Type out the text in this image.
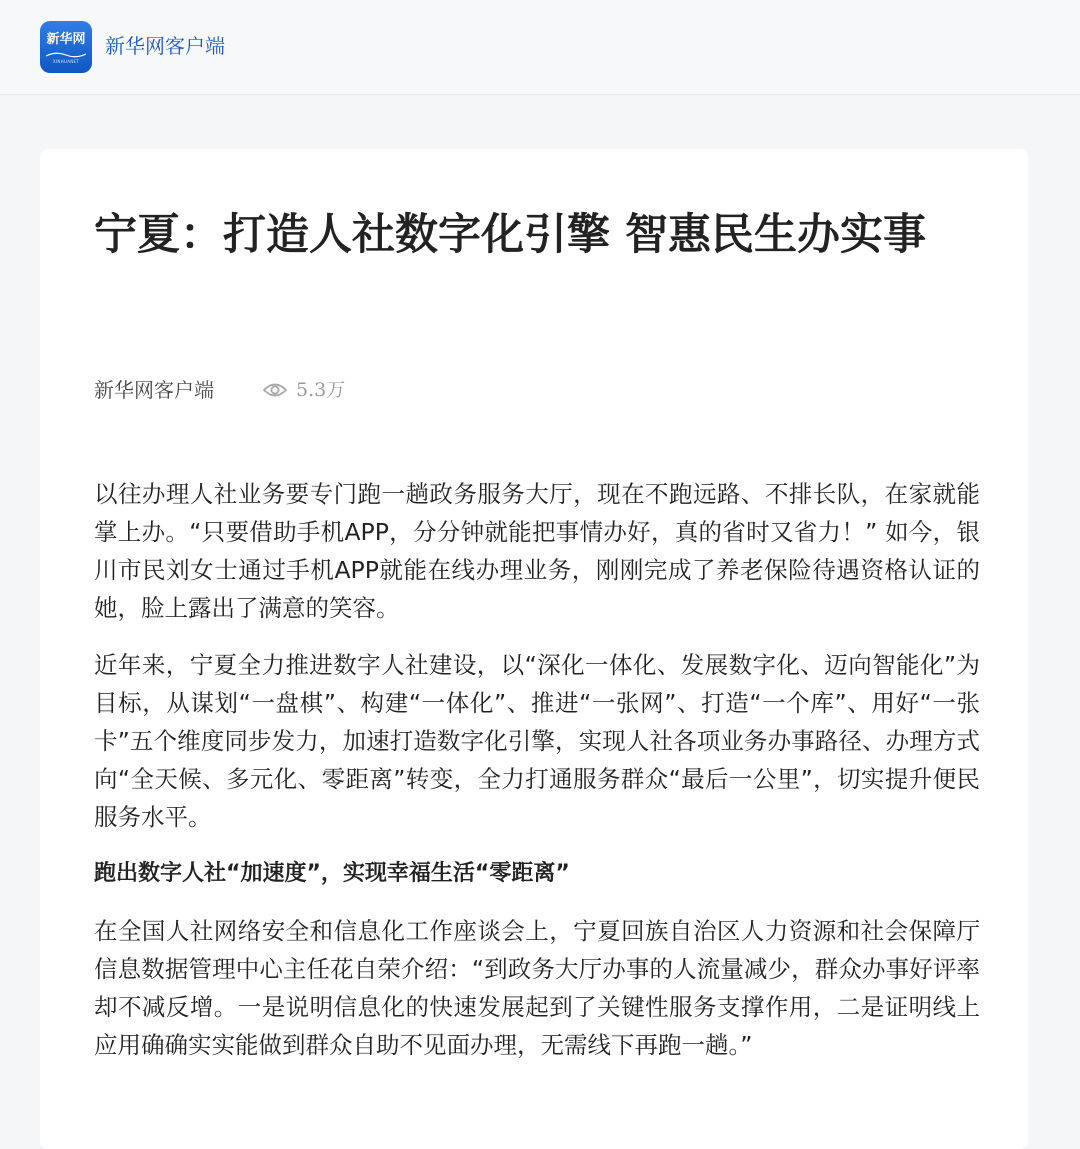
新华网
XINHUANET
新华网客户端
宁夏：打造人社数字化引擎 智惠民生办实事
新华网客户端	5.3万

以往办理人社业务要专门跑一趟政务服务大厅，现在不跑远路、不排长队，在家就能掌上办。“只要借助手机APP，分分钟就能把事情办好，真的省时又省力！” 如今，银川市民刘女士通过手机APP就能在线办理业务，刚刚完成了养老保险待遇资格认证的她，脸上露出了满意的笑容。

近年来，宁夏全力推进数字人社建设，以“深化一体化、发展数字化、迈向智能化”为目标，从谋划“一盘棋”、构建“一体化”、推进“一张网”、打造“一个库”、用好“一张卡”五个维度同步发力，加速打造数字化引擎，实现人社各项业务办事路径、办理方式向“全天候、多元化、零距离”转变，全力打通服务群众“最后一公里”，切实提升便民服务水平。

跑出数字人社“加速度”，实现幸福生活“零距离”

在全国人社网络安全和信息化工作座谈会上，宁夏回族自治区人力资源和社会保障厅信息数据管理中心主任花自荣介绍：“到政务大厅办事的人流量减少，群众办事好评率却不减反增。一是说明信息化的快速发展起到了关键性服务支撑作用，二是证明线上应用确确实实能做到群众自助不见面办理，无需线下再跑一趟。”
